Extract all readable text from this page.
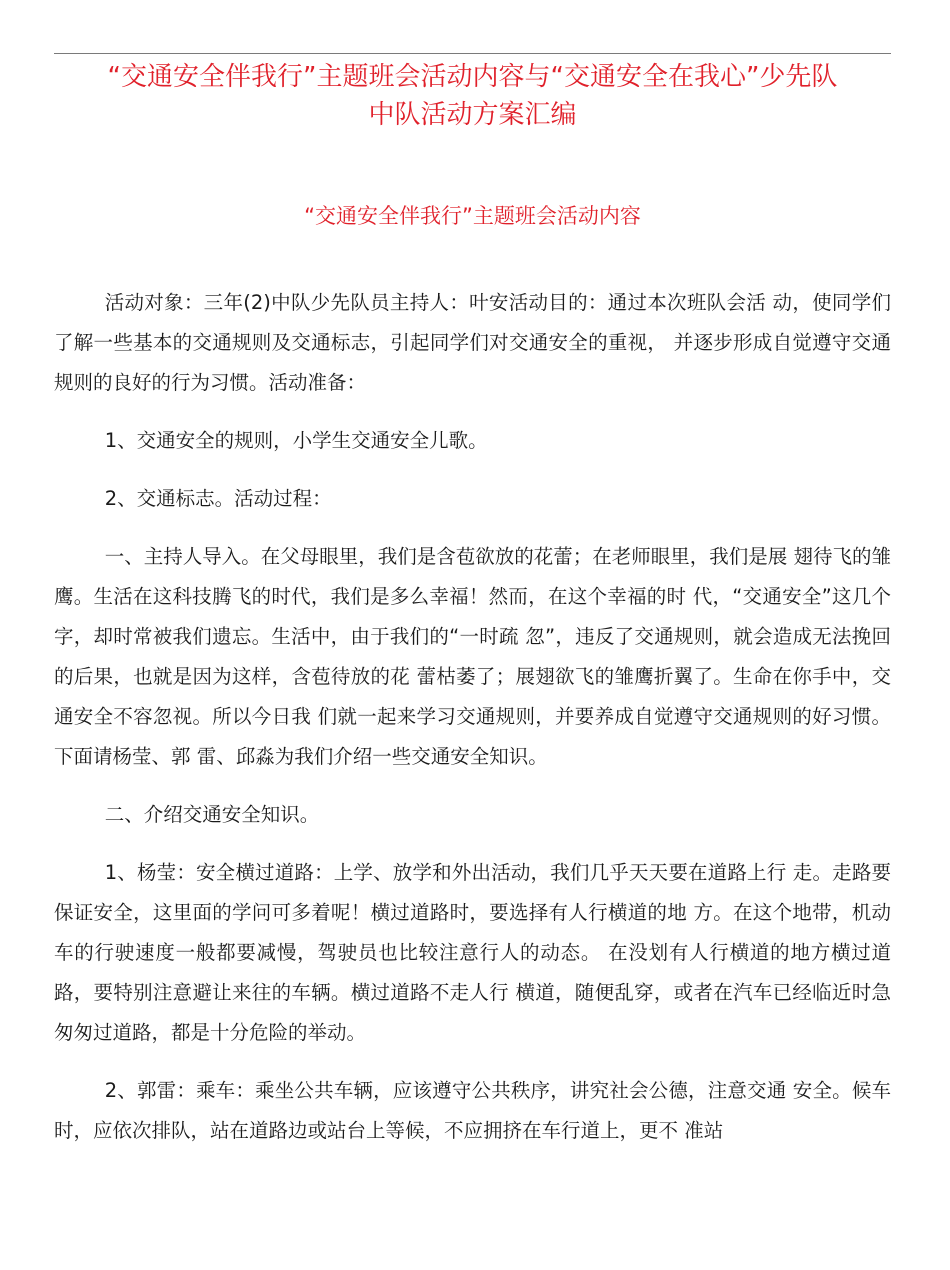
“交通安全伴我行”主题班会活动内容与“交通安全在我心”少先队
中队活动方案汇编
“交通安全伴我行”主题班会活动内容

活动对象：三年(2)中队少先队员主持人：叶安活动目的：通过本次班队会活 动，使同学们了解一些基本的交通规则及交通标志，引起同学们对交通安全的重视， 并逐步形成自觉遵守交通规则的良好的行为习惯。活动准备：

1、交通安全的规则，小学生交通安全儿歌。

2、交通标志。活动过程：

一、主持人导入。在父母眼里，我们是含苞欲放的花蕾；在老师眼里，我们是展 翅待飞的雏鹰。生活在这科技腾飞的时代，我们是多么幸福！然而，在这个幸福的时 代，“交通安全”这几个字，却时常被我们遗忘。生活中，由于我们的“一时疏 忽”，违反了交通规则，就会造成无法挽回的后果，也就是因为这样，含苞待放的花 蕾枯萎了；展翅欲飞的雏鹰折翼了。生命在你手中，交通安全不容忽视。所以今日我 们就一起来学习交通规则，并要养成自觉遵守交通规则的好习惯。下面请杨莹、郭 雷、邱淼为我们介绍一些交通安全知识。

二、介绍交通安全知识。

1、杨莹：安全横过道路：上学、放学和外出活动，我们几乎天天要在道路上行 走。走路要保证安全，这里面的学问可多着呢！横过道路时，要选择有人行横道的地 方。在这个地带，机动车的行驶速度一般都要减慢，驾驶员也比较注意行人的动态。 在没划有人行横道的地方横过道路，要特别注意避让来往的车辆。横过道路不走人行 横道，随便乱穿，或者在汽车已经临近时急匆匆过道路，都是十分危险的举动。

2、郭雷：乘车：乘坐公共车辆，应该遵守公共秩序，讲究社会公德，注意交通 安全。候车时，应依次排队，站在道路边或站台上等候，不应拥挤在车行道上，更不 准站
